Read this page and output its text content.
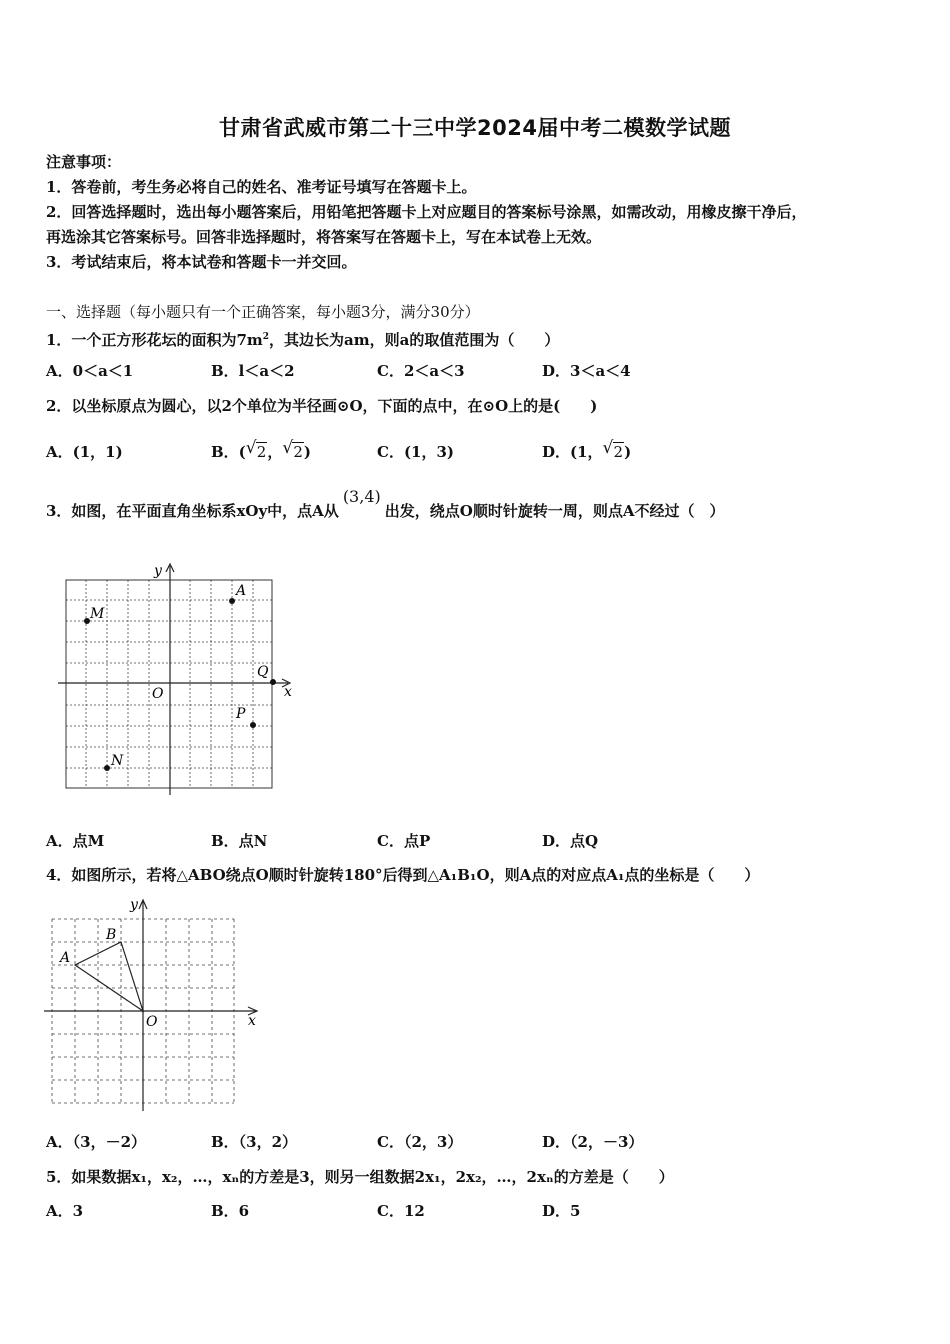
甘肃省武威市第二十三中学2024届中考二模数学试题
注意事项：
1．答卷前，考生务必将自己的姓名、准考证号填写在答题卡上。
2．回答选择题时，选出每小题答案后，用铅笔把答题卡上对应题目的答案标号涂黑，如需改动，用橡皮擦干净后，
再选涂其它答案标号。回答非选择题时，将答案写在答题卡上，写在本试卷上无效。
3．考试结束后，将本试卷和答题卡一并交回。
一、选择题（每小题只有一个正确答案，每小题3分，满分30分）
1．一个正方形花坛的面积为$7m^2$，其边长为am，则a的取值范围为（　　）
A．0＜a＜1	B．l＜a＜2	C．2＜a＜3	D．3＜a＜4
2．以坐标原点为圆心，以2个单位为半径画⊙O，下面的点中，在⊙O上的是(　　)
A．(1，1)	B．( √ 2， √ 2)	C．(1，3)	D．(1， √ 2)
3．如图，在平面直角坐标系xOy中，点A从(3,4)出发，绕点O顺时针旋转一周，则点A不经过（　）
y
x
O
A
M
Q
P
N
A．点M	B．点N	C．点P	D．点Q
4．如图所示，若将△ABO绕点O顺时针旋转180°后得到△A₁B₁O，则A点的对应点A₁点的坐标是（　　）
y
x
O
A
B
A．（3，－2）	B．（3，2）	C．（2，3）	D．（2，－3）
5．如果数据x₁，x₂，…，xₙ的方差是3，则另一组数据2x₁，2x₂，…，2xₙ的方差是（　　）
A．3	B．6	C．12	D．5
